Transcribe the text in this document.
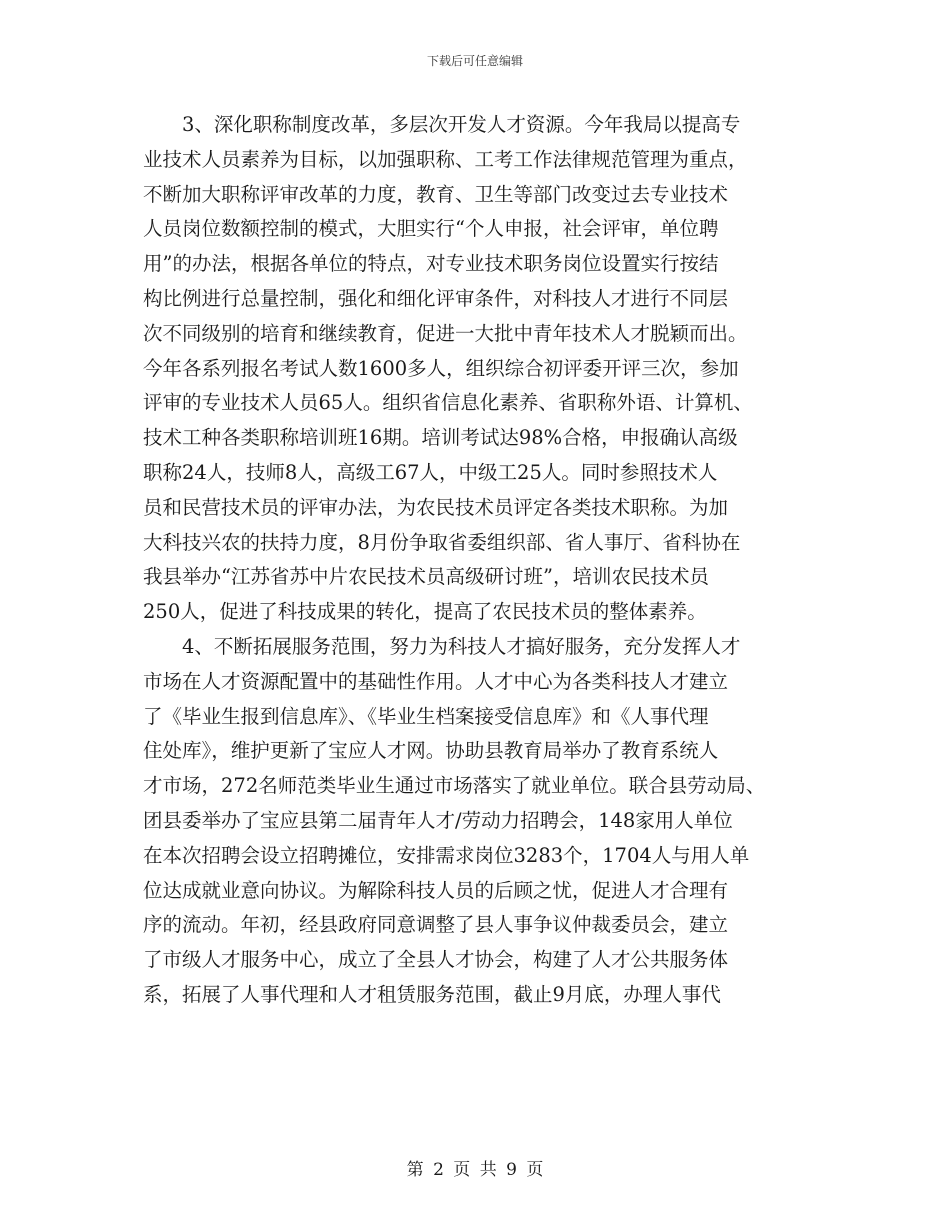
下载后可任意编辑
3、深化职称制度改革，多层次开发人才资源。今年我局以提高专
业技术人员素养为目标，以加强职称、工考工作法律规范管理为重点，
不断加大职称评审改革的力度，教育、卫生等部门改变过去专业技术
人员岗位数额控制的模式，大胆实行“个人申报，社会评审，单位聘
用”的办法，根据各单位的特点，对专业技术职务岗位设置实行按结
构比例进行总量控制，强化和细化评审条件，对科技人才进行不同层
次不同级别的培育和继续教育，促进一大批中青年技术人才脱颖而出。
今年各系列报名考试人数1600多人，组织综合初评委开评三次，参加
评审的专业技术人员65人。组织省信息化素养、省职称外语、计算机、
技术工种各类职称培训班16期。培训考试达98%合格，申报确认高级
职称24人，技师8人，高级工67人，中级工25人。同时参照技术人
员和民营技术员的评审办法，为农民技术员评定各类技术职称。为加
大科技兴农的扶持力度，8月份争取省委组织部、省人事厅、省科协在
我县举办“江苏省苏中片农民技术员高级研讨班”，培训农民技术员
250人，促进了科技成果的转化，提高了农民技术员的整体素养。
4、不断拓展服务范围，努力为科技人才搞好服务，充分发挥人才
市场在人才资源配置中的基础性作用。人才中心为各类科技人才建立
了《毕业生报到信息库》、《毕业生档案接受信息库》和《人事代理
住处库》，维护更新了宝应人才网。协助县教育局举办了教育系统人
才市场，272名师范类毕业生通过市场落实了就业单位。联合县劳动局、
团县委举办了宝应县第二届青年人才/劳动力招聘会，148家用人单位
在本次招聘会设立招聘摊位，安排需求岗位3283个，1704人与用人单
位达成就业意向协议。为解除科技人员的后顾之忧，促进人才合理有
序的流动。年初，经县政府同意调整了县人事争议仲裁委员会，建立
了市级人才服务中心，成立了全县人才协会，构建了人才公共服务体
系，拓展了人事代理和人才租赁服务范围，截止9月底，办理人事代
第 2 页 共 9 页
